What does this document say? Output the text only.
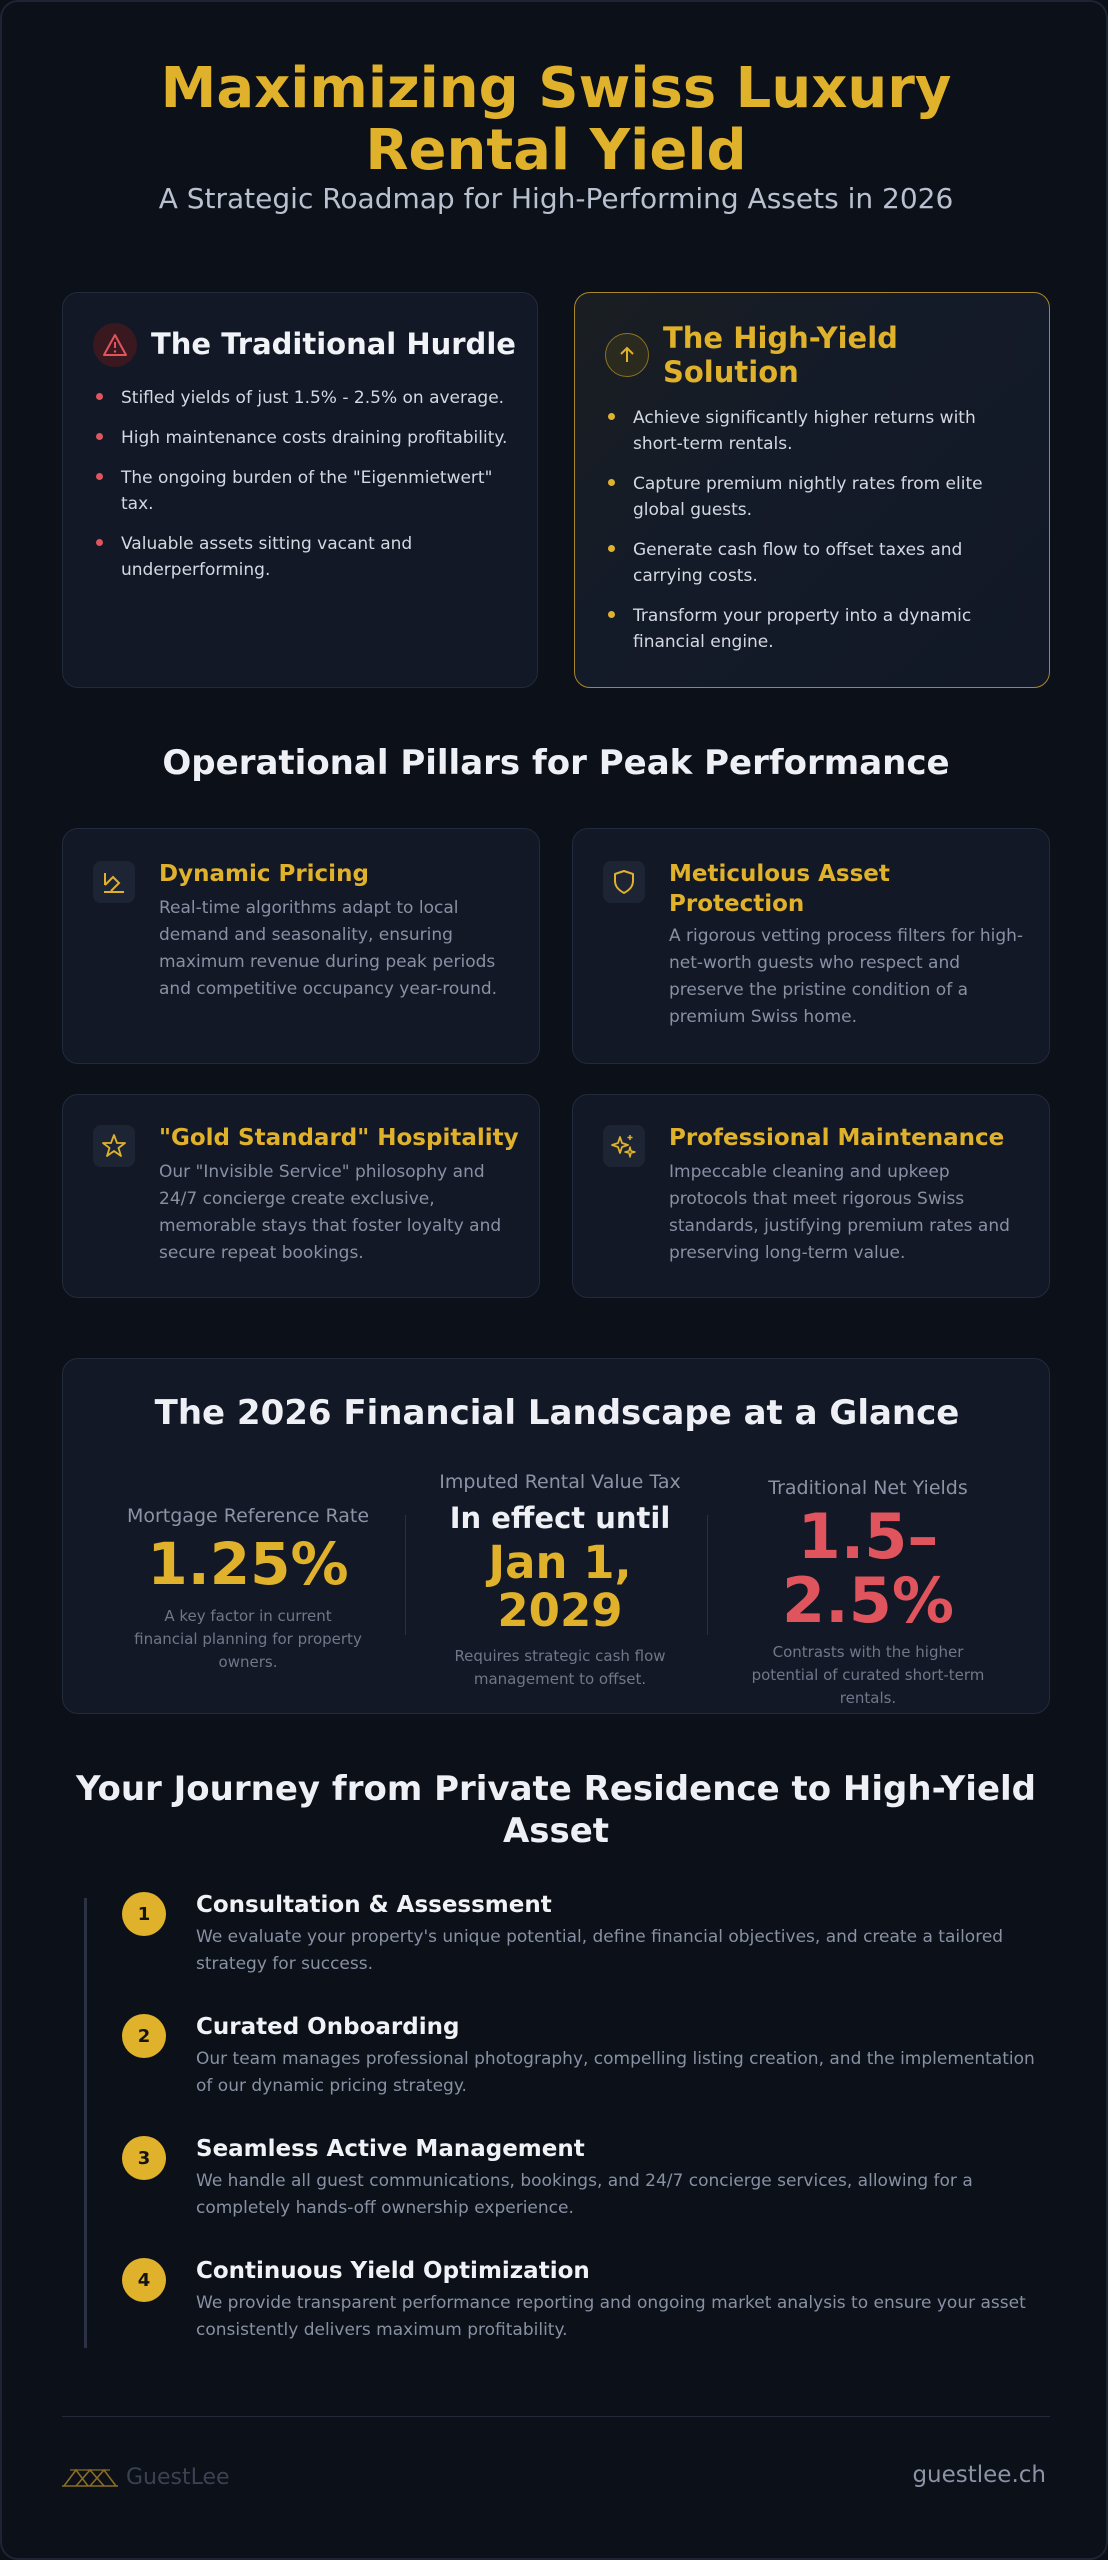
Maximizing Swiss Luxury
Rental Yield
A Strategic Roadmap for High-Performing Assets in 2026
The Traditional Hurdle
Stifled yields of just 1.5% - 2.5% on average.
High maintenance costs draining profitability.
The ongoing burden of the "Eigenmietwert" tax.
Valuable assets sitting vacant and underperforming.
The High-Yield Solution
Achieve significantly higher returns with short-term rentals.
Capture premium nightly rates from elite global guests.
Generate cash flow to offset taxes and carrying costs.
Transform your property into a dynamic financial engine.
Operational Pillars for Peak Performance
Dynamic Pricing
Real-time algorithms adapt to local demand and seasonality, ensuring maximum revenue during peak periods and competitive occupancy year-round.
Meticulous Asset Protection
A rigorous vetting process filters for high-net-worth guests who respect and preserve the pristine condition of a premium Swiss home.
"Gold Standard" Hospitality
Our "Invisible Service" philosophy and 24/7 concierge create exclusive, memorable stays that foster loyalty and secure repeat bookings.
Professional Maintenance
Impeccable cleaning and upkeep protocols that meet rigorous Swiss standards, justifying premium rates and preserving long-term value.
The 2026 Financial Landscape at a Glance
Mortgage Reference Rate
1.25%
A key factor in current financial planning for property owners.
Imputed Rental Value Tax
In effect until
Jan 1,
2029
Requires strategic cash flow management to offset.
Traditional Net Yields
1.5–
2.5%
Contrasts with the higher potential of curated short-term rentals.
Your Journey from Private Residence to High-Yield
Asset
1	Consultation & Assessment
We evaluate your property's unique potential, define financial objectives, and create a tailored strategy for success.
2	Curated Onboarding
Our team manages professional photography, compelling listing creation, and the implementation of our dynamic pricing strategy.
3	Seamless Active Management
We handle all guest communications, bookings, and 24/7 concierge services, allowing for a completely hands-off ownership experience.
4	Continuous Yield Optimization
We provide transparent performance reporting and ongoing market analysis to ensure your asset consistently delivers maximum profitability.
GuestLee	guestlee.ch
